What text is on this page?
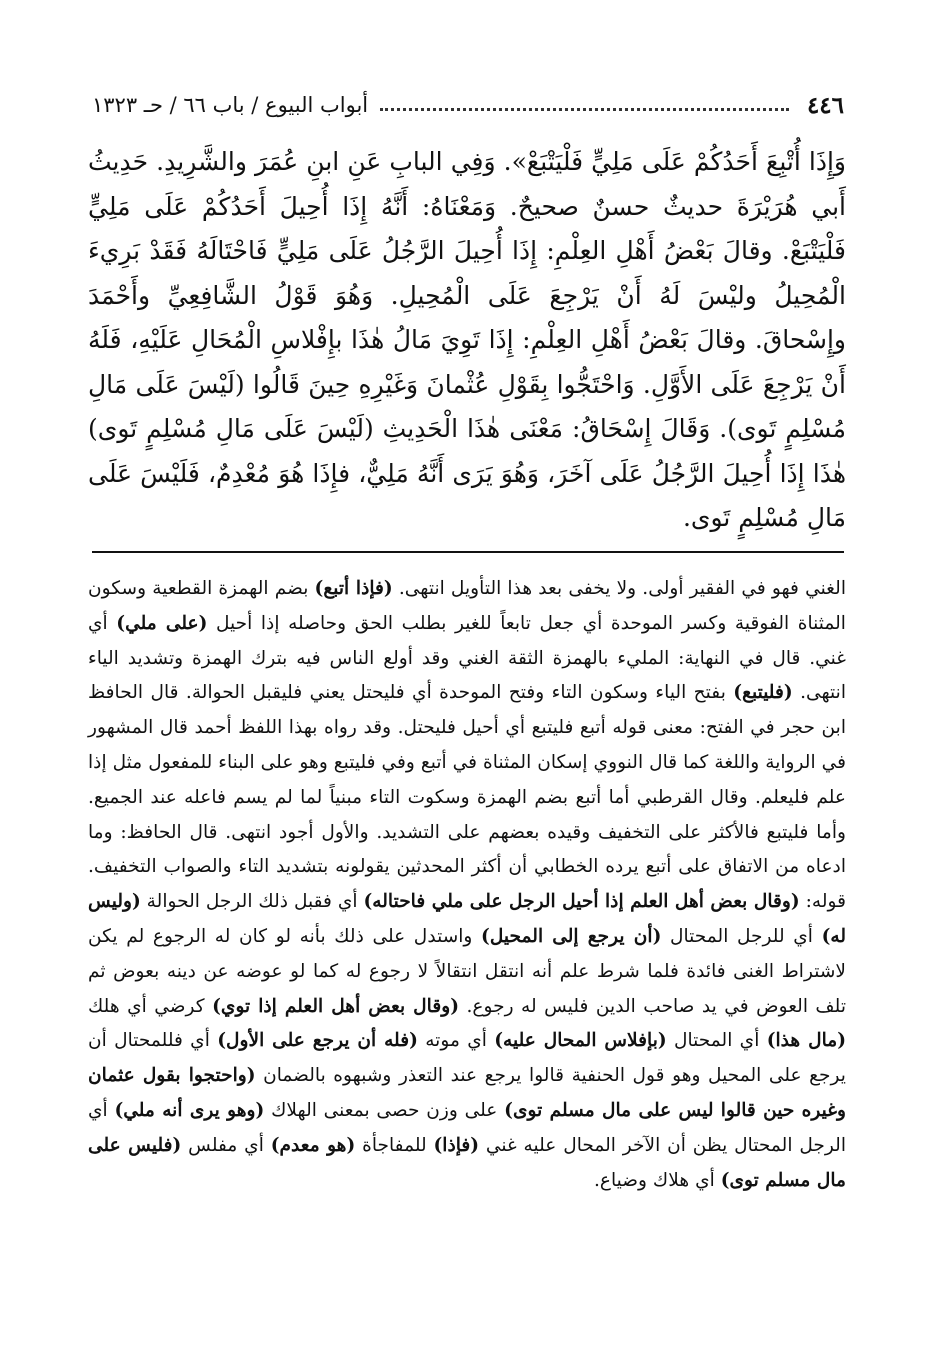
٤٤٦
أبواب البيوع / باب ٦٦ / حـ ١٣٢٣

وَإِذَا أُتْبِعَ أَحَدُكُمْ عَلَى مَلِيٍّ فَلْيَتْبَعْ». وَفِي البابِ عَنِ ابنِ عُمَرَ والشَّرِيدِ. حَدِيثُ أَبي هُرَيْرَةَ حديثٌ حسنٌ صحيحٌ. وَمَعْنَاهُ: أَنَّهُ إِذَا أُحِيلَ أَحَدُكُمْ عَلَى مَلِيٍّ فَلْيَتْبَعْ. وقالَ بَعْضُ أَهْلِ العِلْمِ: إِذَا أُحِيلَ الرَّجُلُ عَلَى مَلِيٍّ فَاحْتَالَهُ فَقَدْ بَرِيءَ الْمُحِيلُ وليْسَ لَهُ أَنْ يَرْجِعَ عَلَى الْمُحِيلِ. وَهُوَ قَوْلُ الشَّافِعِيِّ وأَحْمَدَ وإِسْحاقَ. وقالَ بَعْضُ أَهْلِ العِلْمِ: إِذَا تَوِيَ مَالُ هٰذَا بإِفْلاسِ الْمُحَالِ عَلَيْهِ، فَلَهُ أَنْ يَرْجِعَ عَلَى الأَوَّلِ. وَاحْتَجُّوا بِقَوْلِ عُثْمانَ وَغَيْرِهِ حِينَ قَالُوا (لَيْسَ عَلَى مَالِ مُسْلِمٍ تَوى). وَقَالَ إِسْحَاقُ: مَعْنَى هٰذَا الْحَدِيثِ (لَيْسَ عَلَى مَالِ مُسْلِمٍ تَوى) هٰذَا إِذَا أُحِيلَ الرَّجُلُ عَلَى آخَرَ، وَهُوَ يَرَى أَنَّهُ مَلِيٌّ، فإِذَا هُوَ مُعْدِمٌ، فَلَيْسَ عَلَى مَالِ مُسْلِمٍ تَوى.

الغني فهو في الفقير أولى. ولا يخفى بعد هذا التأويل انتهى. (فإذا أتبع) بضم الهمزة القطعية وسكون المثناة الفوقية وكسر الموحدة أي جعل تابعاً للغير بطلب الحق وحاصله إذا أحيل (على ملي) أي غني. قال في النهاية: المليء بالهمزة الثقة الغني وقد أولع الناس فيه بترك الهمزة وتشديد الياء انتهى. (فليتبع) بفتح الياء وسكون التاء وفتح الموحدة أي فليحتل يعني فليقبل الحوالة. قال الحافظ ابن حجر في الفتح: معنى قوله أتبع فليتبع أي أحيل فليحتل. وقد رواه بهذا اللفظ أحمد قال المشهور في الرواية واللغة كما قال النووي إسكان المثناة في أتبع وفي فليتبع وهو على البناء للمفعول مثل إذا علم فليعلم. وقال القرطبي أما أتبع بضم الهمزة وسكوت التاء مبنياً لما لم يسم فاعله عند الجميع. وأما فليتبع فالأكثر على التخفيف وقيده بعضهم على التشديد. والأول أجود انتهى. قال الحافظ: وما ادعاه من الاتفاق على أتبع يرده الخطابي أن أكثر المحدثين يقولونه بتشديد التاء والصواب التخفيف. قوله: (وقال بعض أهل العلم إذا أحيل الرجل على ملي فاحتاله) أي فقبل ذلك الرجل الحوالة (وليس له) أي للرجل المحتال (أن يرجع إلى المحيل) واستدل على ذلك بأنه لو كان له الرجوع لم يكن لاشتراط الغنى فائدة فلما شرط علم أنه انتقل انتقالاً لا رجوع له كما لو عوضه عن دينه بعوض ثم تلف العوض في يد صاحب الدين فليس له رجوع. (وقال بعض أهل العلم إذا توي) كرضي أي هلك (مال هذا) أي المحتال (بإفلاس المحال عليه) أي موته (فله أن يرجع على الأول) أي فللمحتال أن يرجع على المحيل وهو قول الحنفية قالوا يرجع عند التعذر وشبهوه بالضمان (واحتجوا بقول عثمان وغيره حين قالوا ليس على مال مسلم توى) على وزن حصى بمعنى الهلاك (وهو يرى أنه ملي) أي الرجل المحتال يظن أن الآخر المحال عليه غني (فإذا) للمفاجأة (هو معدم) أي مفلس (فليس على مال مسلم توى) أي هلاك وضياع.
